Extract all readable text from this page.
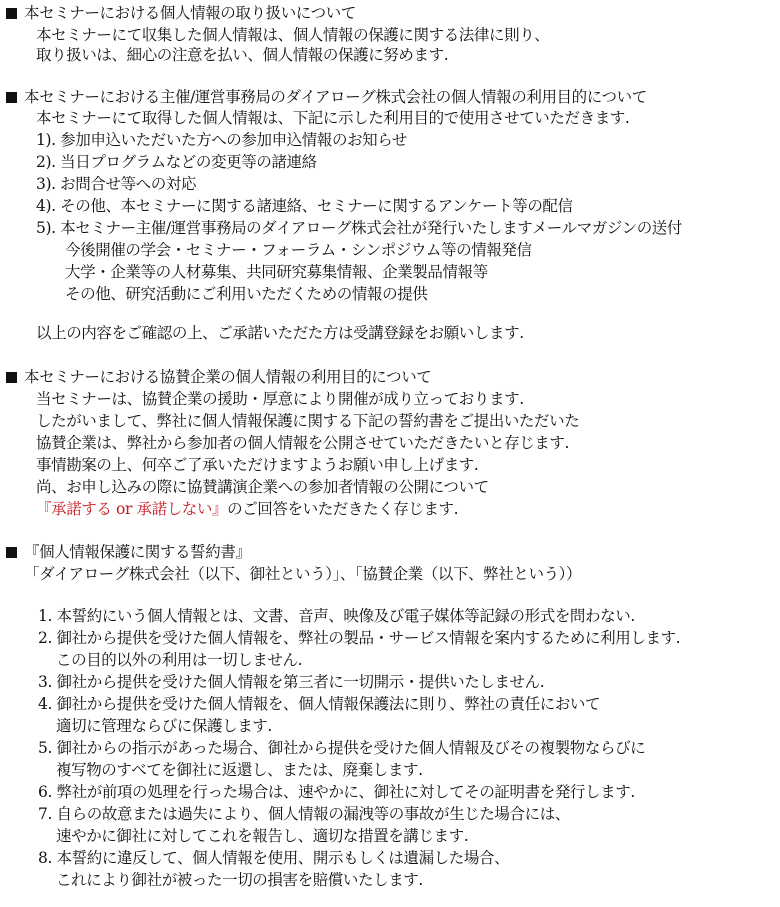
本セミナーにおける個人情報の取り扱いについて
本セミナーにて収集した個人情報は、個人情報の保護に関する法律に則り、
取り扱いは、細心の注意を払い、個人情報の保護に努めます.
本セミナーにおける主催/運営事務局のダイアローグ株式会社の個人情報の利用目的について
本セミナーにて取得した個人情報は、下記に示した利用目的で使用させていただきます.
1). 参加申込いただいた方への参加申込情報のお知らせ
2). 当日プログラムなどの変更等の諸連絡
3). お問合せ等への対応
4). その他、本セミナーに関する諸連絡、セミナーに関するアンケート等の配信
5). 本セミナー主催/運営事務局のダイアローグ株式会社が発行いたしますメールマガジンの送付
今後開催の学会・セミナー・フォーラム・シンポジウム等の情報発信
大学・企業等の人材募集、共同研究募集情報、企業製品情報等
その他、研究活動にご利用いただくための情報の提供
以上の内容をご確認の上、ご承諾いただた方は受講登録をお願いします.
本セミナーにおける協賛企業の個人情報の利用目的について
当セミナーは、協賛企業の援助・厚意により開催が成り立っております.
したがいまして、弊社に個人情報保護に関する下記の誓約書をご提出いただいた
協賛企業は、弊社から参加者の個人情報を公開させていただきたいと存じます.
事情勘案の上、何卒ご了承いただけますようお願い申し上げます.
尚、お申し込みの際に協賛講演企業への参加者情報の公開について
『承諾する or 承諾しない』のご回答をいただきたく存じます.
『個人情報保護に関する誓約書』
「ダイアローグ株式会社（以下、御社という）」、「協賛企業（以下、弊社という））
1. 本誓約にいう個人情報とは、文書、音声、映像及び電子媒体等記録の形式を問わない.
2. 御社から提供を受けた個人情報を、弊社の製品・サービス情報を案内するために利用します.
この目的以外の利用は一切しません.
3. 御社から提供を受けた個人情報を第三者に一切開示・提供いたしません.
4. 御社から提供を受けた個人情報を、個人情報保護法に則り、弊社の責任において
適切に管理ならびに保護します.
5. 御社からの指示があった場合、御社から提供を受けた個人情報及びその複製物ならびに
複写物のすべてを御社に返還し、または、廃棄します.
6. 弊社が前項の処理を行った場合は、速やかに、御社に対してその証明書を発行します.
7. 自らの故意または過失により、個人情報の漏洩等の事故が生じた場合には、
速やかに御社に対してこれを報告し、適切な措置を講じます.
8. 本誓約に違反して、個人情報を使用、開示もしくは遺漏した場合、
これにより御社が被った一切の損害を賠償いたします.
